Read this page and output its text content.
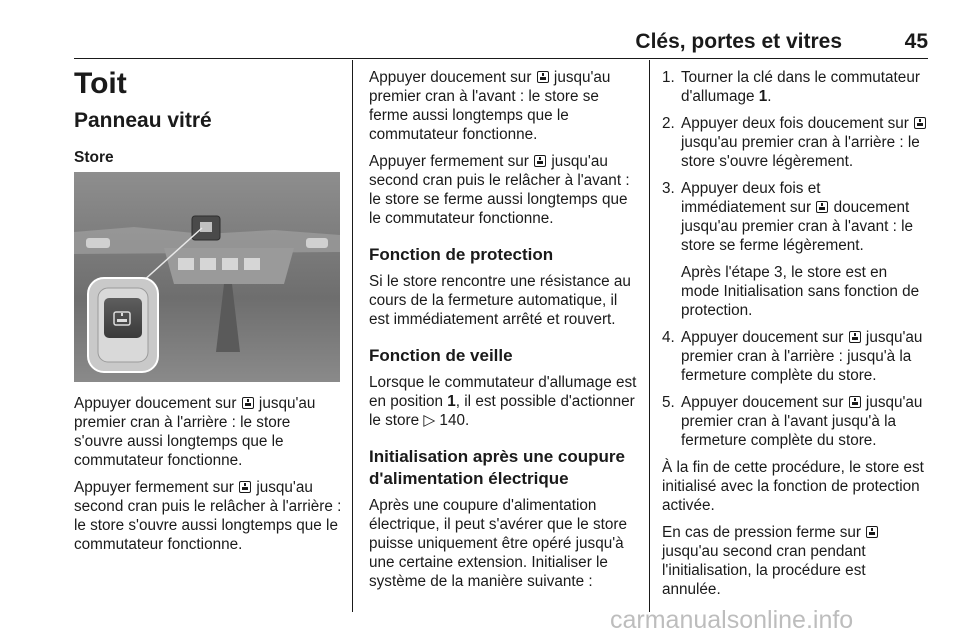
Clés, portes et vitres	45
Toit
Panneau vitré
Store

Appuyer doucement sur  jusqu'au premier cran à l'arrière : le store s'ouvre aussi longtemps que le commutateur fonctionne.

Appuyer fermement sur  jusqu'au second cran puis le relâcher à l'arrière : le store s'ouvre aussi longtemps que le commutateur fonctionne.

Appuyer doucement sur  jusqu'au premier cran à l'avant : le store se ferme aussi longtemps que le commutateur fonctionne.

Appuyer fermement sur  jusqu'au second cran puis le relâcher à l'avant : le store se ferme aussi longtemps que le commutateur fonctionne.

Fonction de protection

Si le store rencontre une résistance au cours de la fermeture automatique, il est immédiatement arrêté et rouvert.

Fonction de veille

Lorsque le commutateur d'allumage est en position 1, il est possible d'actionner le store ▷ 140.

Initialisation après une coupure d'alimentation électrique

Après une coupure d'alimentation électrique, il peut s'avérer que le store puisse uniquement être opéré jusqu'à une certaine extension. Initialiser le système de la manière suivante :

1. Tourner la clé dans le commutateur d'allumage 1.
2. Appuyer deux fois doucement sur  jusqu'au premier cran à l'arrière : le store s'ouvre légèrement.
3. Appuyer deux fois et immédiatement sur  doucement jusqu'au premier cran à l'avant : le store se ferme légèrement.
Après l'étape 3, le store est en mode Initialisation sans fonction de protection.
4. Appuyer doucement sur  jusqu'au premier cran à l'arrière : jusqu'à la fermeture complète du store.
5. Appuyer doucement sur  jusqu'au premier cran à l'avant jusqu'à la fermeture complète du store.

À la fin de cette procédure, le store est initialisé avec la fonction de protection activée.

En cas de pression ferme sur  jusqu'au second cran pendant l'initialisation, la procédure est annulée.

carmanualsonline.info
